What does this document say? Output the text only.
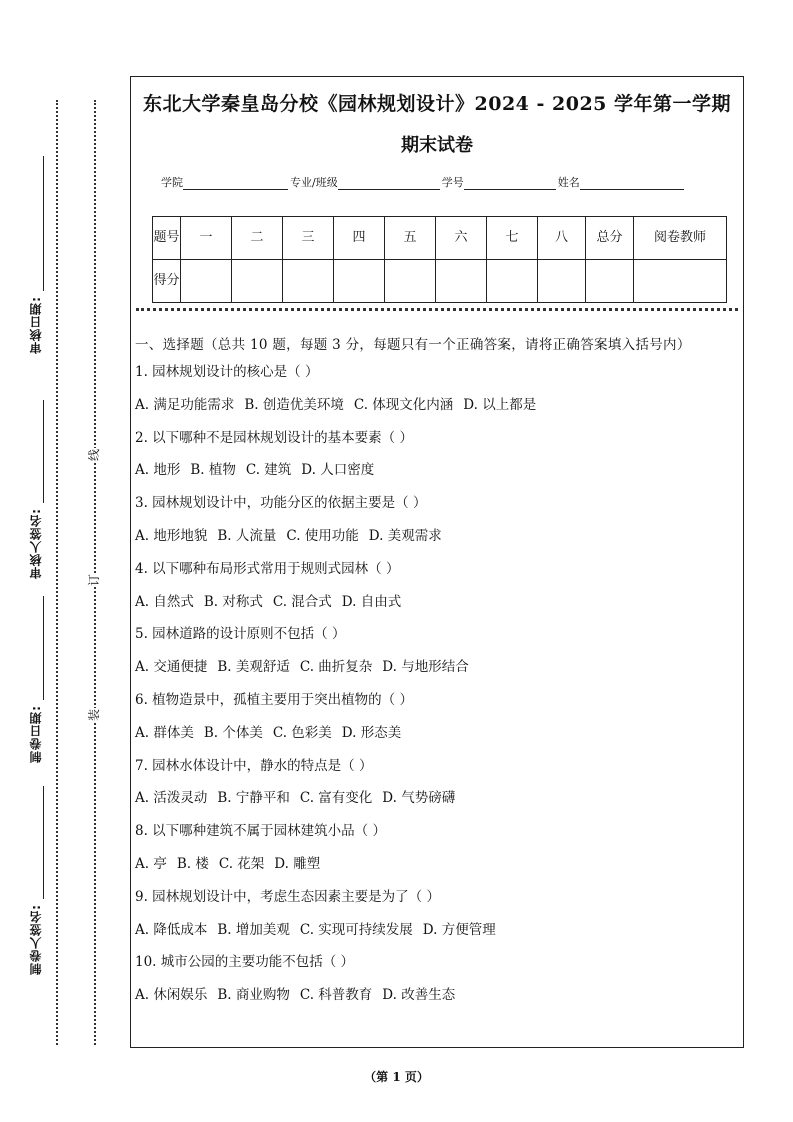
审核日期:
审核人签名:
制卷日期:
制卷人签名:
线
订
装
东北大学秦皇岛分校《园林规划设计》2024 - 2025 学年第一学期
期末试卷
学院	专业/班级	学号	姓名
题号	一	二	三	四	五	六	七	八	总分	阅卷教师
得分										
一、选择题（总共 10 题，每题 3 分，每题只有一个正确答案，请将正确答案填入括号内）
1. 园林规划设计的核心是（ ）
A. 满足功能需求 B. 创造优美环境 C. 体现文化内涵 D. 以上都是
2. 以下哪种不是园林规划设计的基本要素（ ）
A. 地形 B. 植物 C. 建筑 D. 人口密度
3. 园林规划设计中，功能分区的依据主要是（ ）
A. 地形地貌 B. 人流量 C. 使用功能 D. 美观需求
4. 以下哪种布局形式常用于规则式园林（ ）
A. 自然式 B. 对称式 C. 混合式 D. 自由式
5. 园林道路的设计原则不包括（ ）
A. 交通便捷 B. 美观舒适 C. 曲折复杂 D. 与地形结合
6. 植物造景中，孤植主要用于突出植物的（ ）
A. 群体美 B. 个体美 C. 色彩美 D. 形态美
7. 园林水体设计中，静水的特点是（ ）
A. 活泼灵动 B. 宁静平和 C. 富有变化 D. 气势磅礴
8. 以下哪种建筑不属于园林建筑小品（ ）
A. 亭 B. 楼 C. 花架 D. 雕塑
9. 园林规划设计中，考虑生态因素主要是为了（ ）
A. 降低成本 B. 增加美观 C. 实现可持续发展 D. 方便管理
10. 城市公园的主要功能不包括（ ）
A. 休闲娱乐 B. 商业购物 C. 科普教育 D. 改善生态
（第 1 页）
